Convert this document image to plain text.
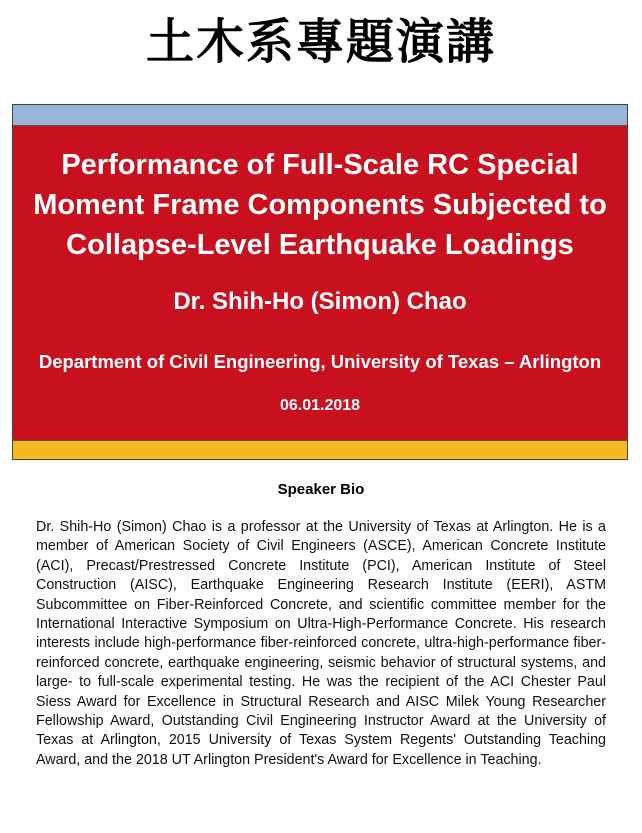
土木系專題演講
Performance of Full-Scale RC Special
Moment Frame Components Subjected to
Collapse-Level Earthquake Loadings
Dr. Shih-Ho (Simon) Chao
Department of Civil Engineering, University of Texas – Arlington
06.01.2018
Speaker Bio
Dr. Shih-Ho (Simon) Chao is a professor at the University of Texas at Arlington. He is a member of American Society of Civil Engineers (ASCE), American Concrete Institute (ACI), Precast/Prestressed Concrete Institute (PCI), American Institute of Steel Construction (AISC), Earthquake Engineering Research Institute (EERI), ASTM Subcommittee on Fiber-Reinforced Concrete, and scientific committee member for the International Interactive Symposium on Ultra-High-Performance Concrete. His research interests include high-performance fiber-reinforced concrete, ultra-high-performance fiber-reinforced concrete, earthquake engineering, seismic behavior of structural systems, and large- to full-scale experimental testing. He was the recipient of the ACI Chester Paul Siess Award for Excellence in Structural Research and AISC Milek Young Researcher Fellowship Award, Outstanding Civil Engineering Instructor Award at the University of Texas at Arlington, 2015 University of Texas System Regents' Outstanding Teaching Award, and the 2018 UT Arlington President's Award for Excellence in Teaching.
